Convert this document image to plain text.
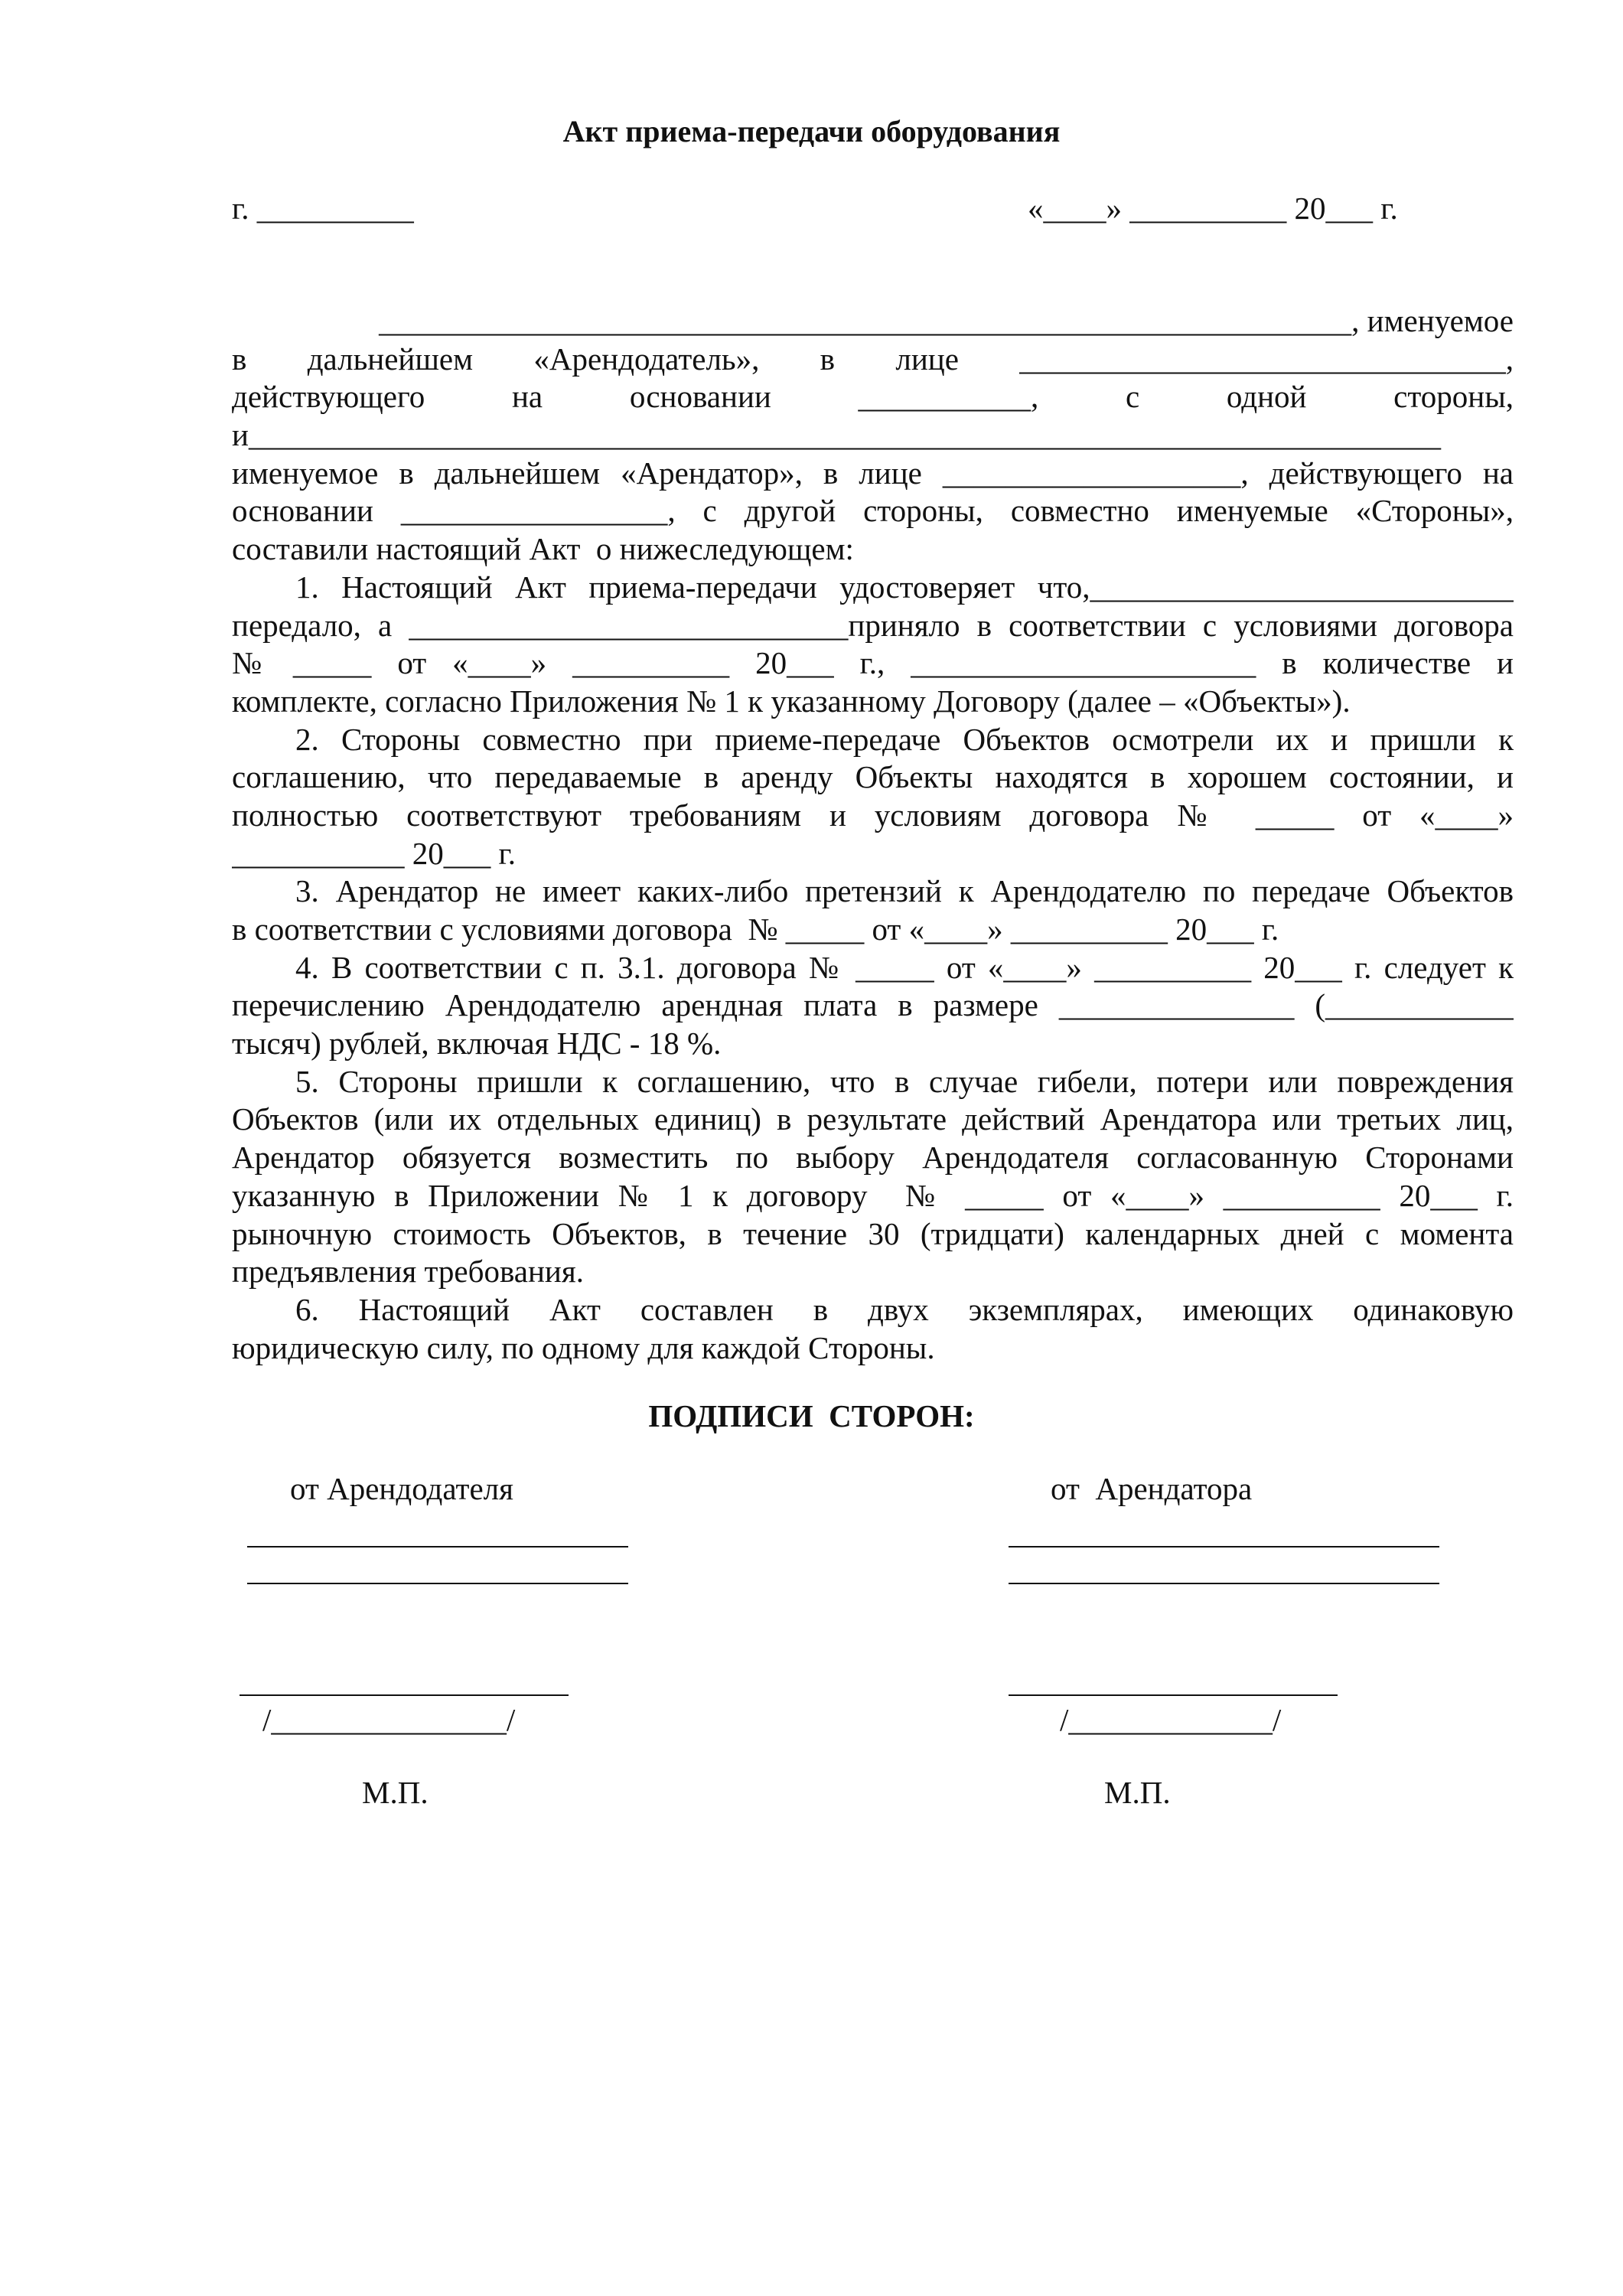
Акт приема-передачи оборудования
г. __________	«____» __________ 20___ г.
______________________________________________________________, именуемое
в  дальнейшем  «Арендодатель»,  в  лице  _______________________________,
действующего  на  основании  ___________,  с  одной  стороны,
и____________________________________________________________________________
именуемое в дальнейшем «Арендатор», в лице ___________________, действующего на
основании _________________, с другой стороны, совместно именуемые «Стороны»,
составили настоящий Акт  о нижеследующем:
1. Настоящий Акт приема-передачи удостоверяет что,___________________________
передало, а ____________________________приняло в соответствии с условиями договора
№  _____  от  «____»  __________  20___  г.,  ______________________  в  количестве  и
комплекте, согласно Приложения № 1 к указанному Договору (далее – «Объекты»).
2. Стороны совместно при приеме-передаче Объектов осмотрели их и пришли к
соглашению, что передаваемые в аренду Объекты находятся в хорошем состоянии, и
полностью соответствуют требованиям и условиям договора № _____ от «____»
___________ 20___ г.
3. Арендатор не имеет каких-либо претензий к Арендодателю по передаче Объектов
в соответствии с условиями договора  № _____ от «____» __________ 20___ г.
4. В соответствии с п. 3.1. договора № _____ от «____» __________ 20___ г. следует к
перечислению Арендодателю арендная плата в размере _______________ (____________
тысяч) рублей, включая НДС - 18 %.
5. Стороны пришли к соглашению, что в случае гибели, потери или повреждения
Объектов (или их отдельных единиц) в результате действий Арендатора или третьих лиц,
Арендатор обязуется возместить по выбору Арендодателя согласованную Сторонами
указанную в Приложении № 1 к договору  № _____ от «____» __________ 20___ г.
рыночную стоимость Объектов, в течение 30 (тридцати) календарных дней с момента
предъявления требования.
6. Настоящий Акт составлен в двух экземплярах, имеющих одинаковую
юридическую силу, по одному для каждой Стороны.
ПОДПИСИ  СТОРОН:
от Арендодателя	от  Арендатора
/_______________/	/_____________/
М.П.	М.П.
